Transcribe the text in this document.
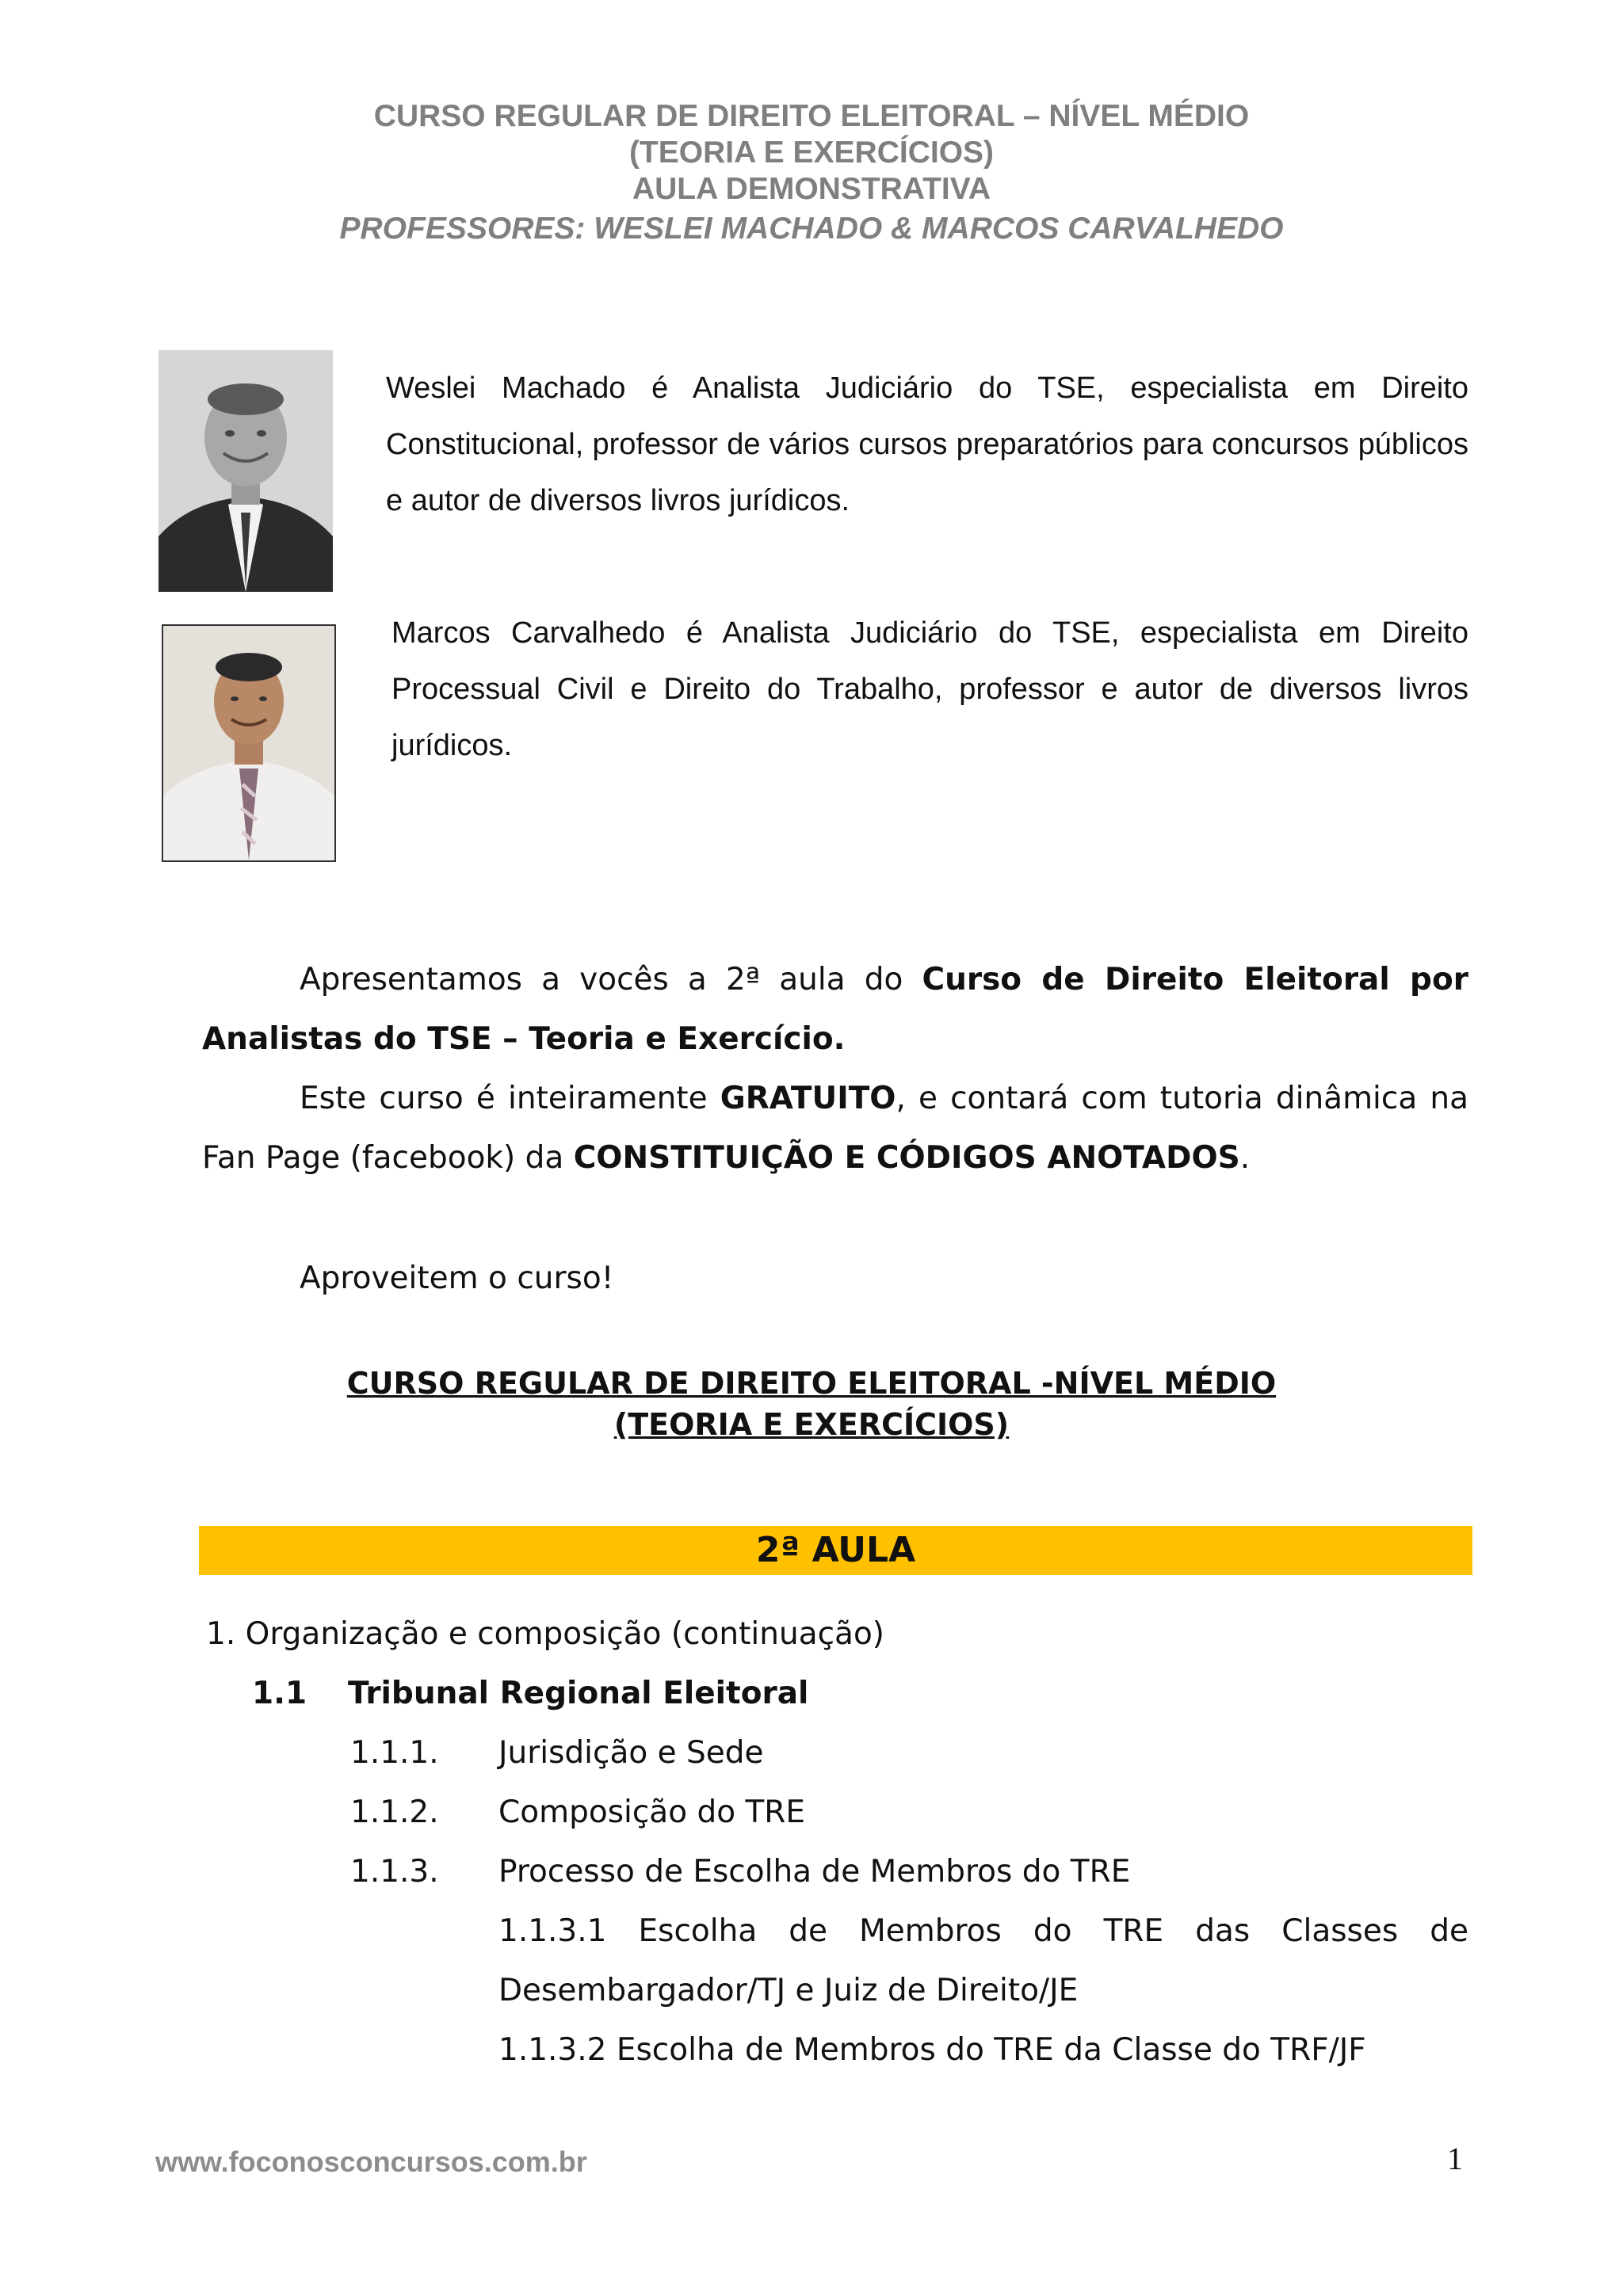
CURSO REGULAR DE DIREITO ELEITORAL – NÍVEL MÉDIO
(TEORIA E EXERCÍCIOS)
AULA DEMONSTRATIVA
PROFESSORES: WESLEI MACHADO & MARCOS CARVALHEDO

Weslei Machado é Analista Judiciário do TSE, especialista em Direito Constitucional, professor de vários cursos preparatórios para concursos públicos e autor de diversos livros jurídicos.

Marcos Carvalhedo é Analista Judiciário do TSE, especialista em Direito Processual Civil e Direito do Trabalho, professor e autor de diversos livros jurídicos.

Apresentamos a vocês a 2ª aula do Curso de Direito Eleitoral por Analistas do TSE – Teoria e Exercício.

Este curso é inteiramente GRATUITO, e contará com tutoria dinâmica na Fan Page (facebook) da CONSTITUIÇÃO E CÓDIGOS ANOTADOS.

Aproveitem o curso!

CURSO REGULAR DE DIREITO ELEITORAL -NÍVEL MÉDIO
(TEORIA E EXERCÍCIOS)
2ª AULA
1. Organização e composição (continuação)
1.1 Tribunal Regional Eleitoral
1.1.1. Jurisdição e Sede
1.1.2. Composição do TRE
1.1.3. Processo de Escolha de Membros do TRE

1.1.3.1 Escolha de Membros do TRE das Classes de Desembargador/TJ e Juiz de Direito/JE

1.1.3.2 Escolha de Membros do TRE da Classe do TRF/JF

www.foconosconcursos.com.br	1
